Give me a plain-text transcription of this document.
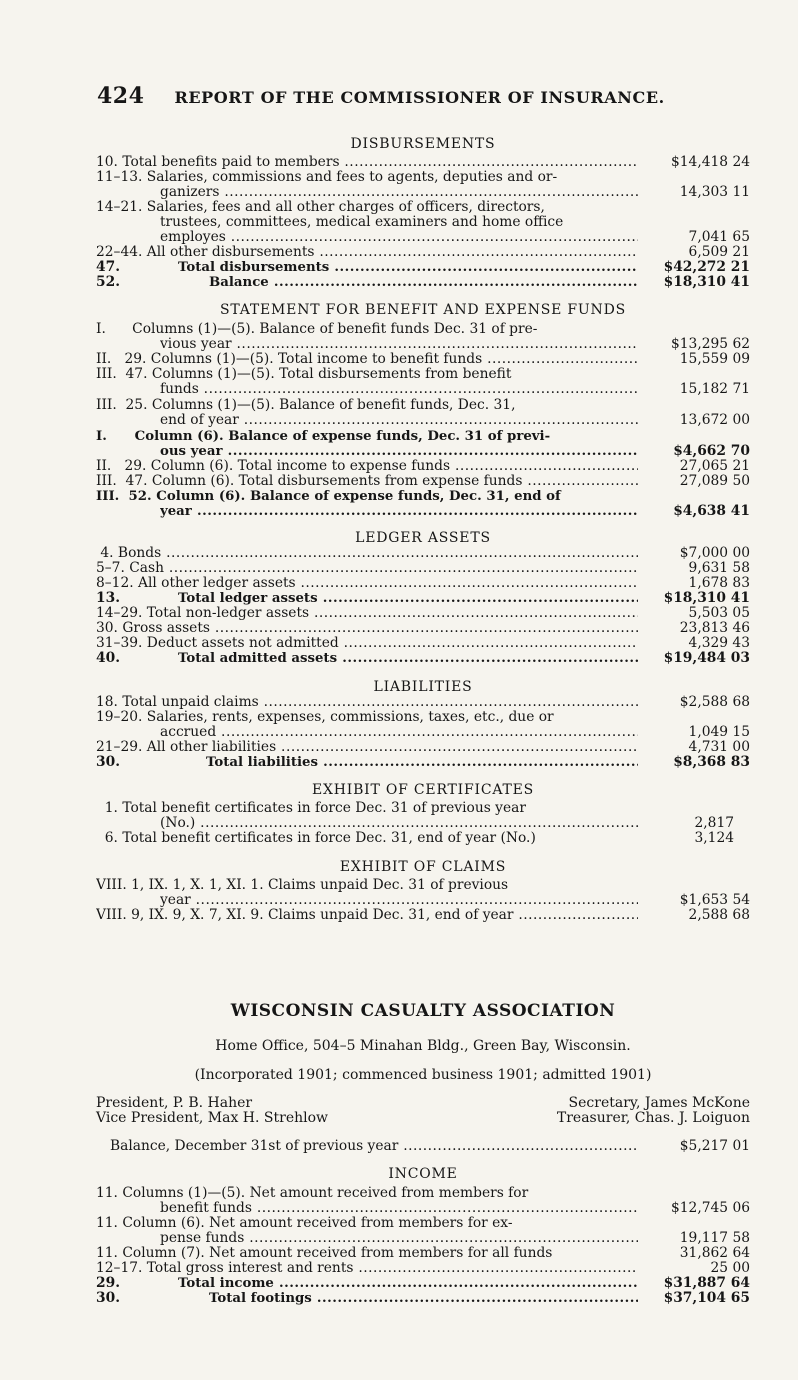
424 REPORT OF THE COMMISSIONER OF INSURANCE.
DISBURSEMENTS
10. Total benefits paid to members .....	$14,418 24
11–13. Salaries, commissions and fees to agents, deputies and or-
ganizers .....	14,303 11
14–21. Salaries, fees and all other charges of officers, directors,
trustees, committees, medical examiners and home office
employes .....	7,041 65
22–44. All other disbursements .....	6,509 21
47.	Total disbursements .....	$42,272 21
52.	Balance .....	$18,310 41
STATEMENT FOR BENEFIT AND EXPENSE FUNDS
I.      Columns (1)—(5). Balance of benefit funds Dec. 31 of pre-
vious year .....	$13,295 62
II.   29. Columns (1)—(5). Total income to benefit funds .....	15,559 09
III.  47. Columns (1)—(5). Total disbursements from benefit
funds .....	15,182 71
III.  25. Columns (1)—(5). Balance of benefit funds, Dec. 31,
end of year .....	13,672 00
I.      Column (6). Balance of expense funds, Dec. 31 of previ-
ous year .....	$4,662 70
II.   29. Column (6). Total income to expense funds .....	27,065 21
III.  47. Column (6). Total disbursements from expense funds .....	27,089 50
III.  52. Column (6). Balance of expense funds, Dec. 31, end of
year .....	$4,638 41
LEDGER ASSETS
4. Bonds .....	$7,000 00
5–7. Cash .....	9,631 58
8–12. All other ledger assets .....	1,678 83
13.	Total ledger assets .....	$18,310 41
14–29. Total non-ledger assets .....	5,503 05
30. Gross assets .....	23,813 46
31–39. Deduct assets not admitted .....	4,329 43
40.	Total admitted assets .....	$19,484 03
LIABILITIES
18. Total unpaid claims .....	$2,588 68
19–20. Salaries, rents, expenses, commissions, taxes, etc., due or
accrued .....	1,049 15
21–29. All other liabilities .....	4,731 00
30.	Total liabilities .....	$8,368 83
EXHIBIT OF CERTIFICATES
1. Total benefit certificates in force Dec. 31 of previous year
(No.) .....	2,817
6. Total benefit certificates in force Dec. 31, end of year (No.)	3,124
EXHIBIT OF CLAIMS
VIII. 1, IX. 1, X. 1, XI. 1. Claims unpaid Dec. 31 of previous
year .....	$1,653 54
VIII. 9, IX. 9, X. 7, XI. 9. Claims unpaid Dec. 31, end of year .....	2,588 68
WISCONSIN CASUALTY ASSOCIATION
Home Office, 504–5 Minahan Bldg., Green Bay, Wisconsin.
(Incorporated 1901; commenced business 1901; admitted 1901)
President, P. B. Haher
Vice President, Max H. Strehlow
Secretary, James McKone
Treasurer, Chas. J. Loiguon
Balance, December 31st of previous year .....	$5,217 01
INCOME
11. Columns (1)—(5). Net amount received from members for
benefit funds .....	$12,745 06
11. Column (6). Net amount received from members for ex-
pense funds .....	19,117 58
11. Column (7). Net amount received from members for all funds	31,862 64
12–17. Total gross interest and rents .....	25 00
29.	Total income .....	$31,887 64
30.	Total footings .....	$37,104 65
